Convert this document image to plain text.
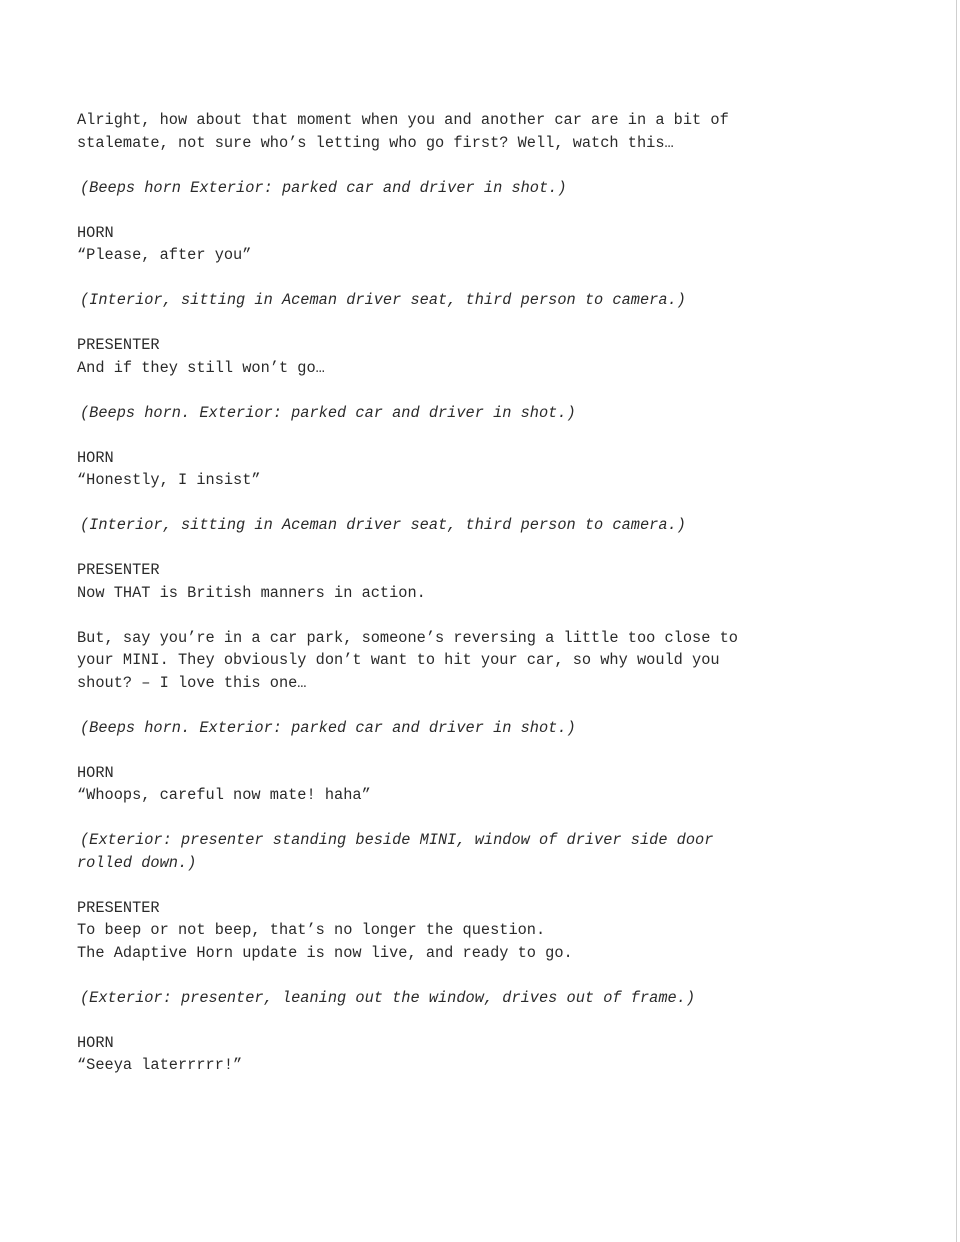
Alright, how about that moment when you and another car are in a bit of
stalemate, not sure who’s letting who go first? Well, watch this…
(Beeps horn Exterior: parked car and driver in shot.)
HORN
“Please, after you”
(Interior, sitting in Aceman driver seat, third person to camera.)
PRESENTER
And if they still won’t go…
(Beeps horn. Exterior: parked car and driver in shot.)
HORN
“Honestly, I insist”
(Interior, sitting in Aceman driver seat, third person to camera.)
PRESENTER
Now THAT is British manners in action.
But, say you’re in a car park, someone’s reversing a little too close to
your MINI. They obviously don’t want to hit your car, so why would you
shout? – I love this one…
(Beeps horn. Exterior: parked car and driver in shot.)
HORN
“Whoops, careful now mate! haha”
(Exterior: presenter standing beside MINI, window of driver side door
rolled down.)
PRESENTER
To beep or not beep, that’s no longer the question.
The Adaptive Horn update is now live, and ready to go.
(Exterior: presenter, leaning out the window, drives out of frame.)
HORN
“Seeya laterrrrr!”
